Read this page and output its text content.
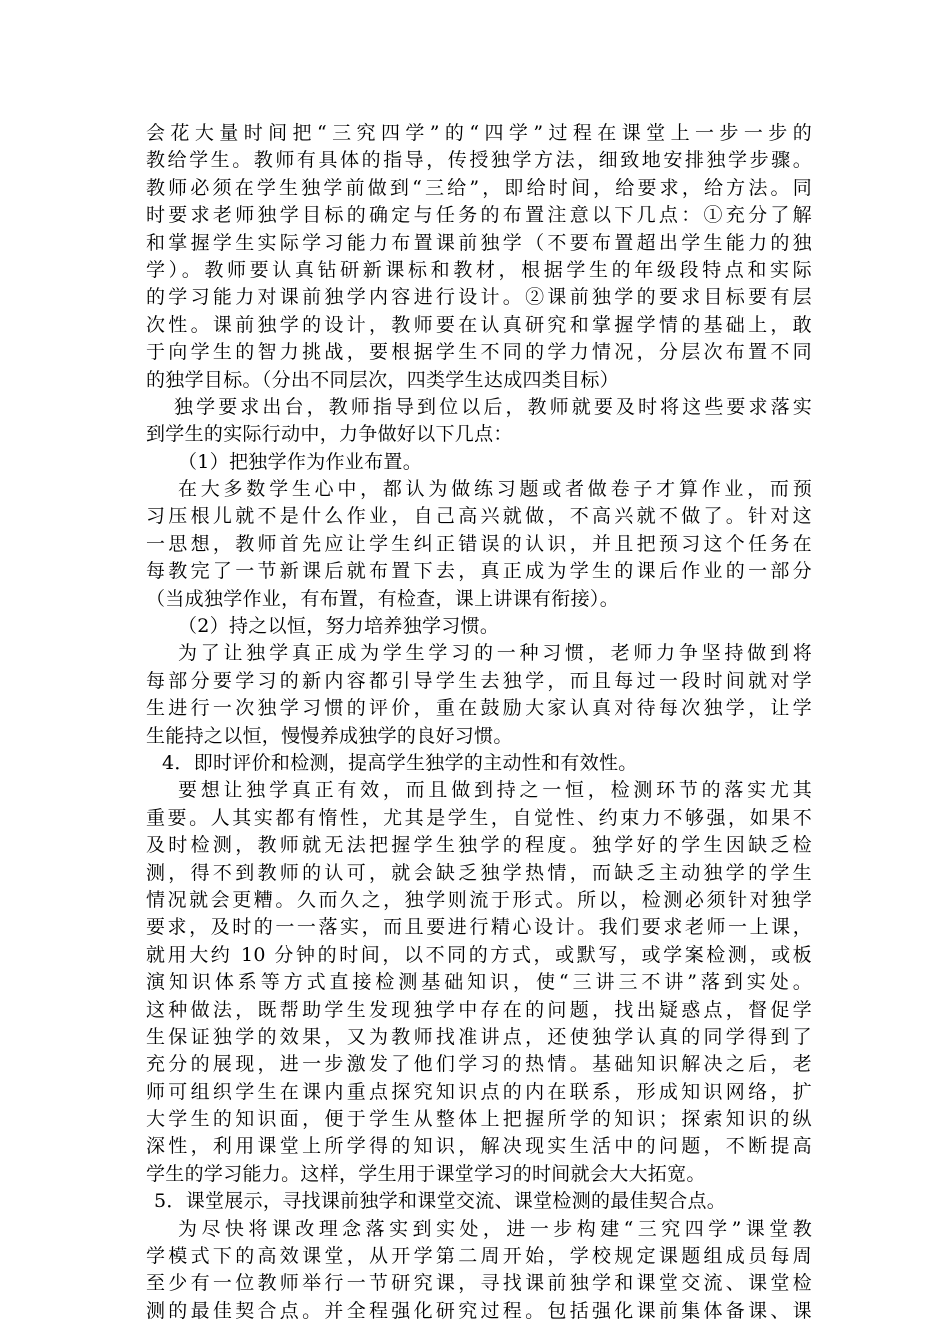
会花大量时间把“三究四学”的“四学”过程在课堂上一步一步的
教给学生。教师有具体的指导，传授独学方法，细致地安排独学步骤。
教师必须在学生独学前做到“三给”，即给时间，给要求，给方法。同
时要求老师独学目标的确定与任务的布置注意以下几点：①充分了解
和掌握学生实际学习能力布置课前独学（不要布置超出学生能力的独
学）。教师要认真钻研新课标和教材，根据学生的年级段特点和实际
的学习能力对课前独学内容进行设计。②课前独学的要求目标要有层
次性。课前独学的设计，教师要在认真研究和掌握学情的基础上，敢
于向学生的智力挑战，要根据学生不同的学力情况，分层次布置不同
的独学目标。（分出不同层次，四类学生达成四类目标）
独学要求出台，教师指导到位以后，教师就要及时将这些要求落实
到学生的实际行动中，力争做好以下几点：
（1）把独学作为作业布置。
在大多数学生心中，都认为做练习题或者做卷子才算作业，而预
习压根儿就不是什么作业，自己高兴就做，不高兴就不做了。针对这
一思想，教师首先应让学生纠正错误的认识，并且把预习这个任务在
每教完了一节新课后就布置下去，真正成为学生的课后作业的一部分
（当成独学作业，有布置，有检查，课上讲课有衔接）。
（2）持之以恒，努力培养独学习惯。
为了让独学真正成为学生学习的一种习惯，老师力争坚持做到将
每部分要学习的新内容都引导学生去独学，而且每过一段时间就对学
生进行一次独学习惯的评价，重在鼓励大家认真对待每次独学，让学
生能持之以恒，慢慢养成独学的良好习惯。
4．即时评价和检测，提高学生独学的主动性和有效性。
要想让独学真正有效，而且做到持之一恒，检测环节的落实尤其
重要。人其实都有惰性，尤其是学生，自觉性、约束力不够强，如果不
及时检测，教师就无法把握学生独学的程度。独学好的学生因缺乏检
测，得不到教师的认可，就会缺乏独学热情，而缺乏主动独学的学生
情况就会更糟。久而久之，独学则流于形式。所以，检测必须针对独学
要求，及时的一一落实，而且要进行精心设计。我们要求老师一上课，
就用大约 10 分钟的时间，以不同的方式，或默写，或学案检测，或板
演知识体系等方式直接检测基础知识，使“三讲三不讲”落到实处。
这种做法，既帮助学生发现独学中存在的问题，找出疑惑点，督促学
生保证独学的效果，又为教师找准讲点，还使独学认真的同学得到了
充分的展现，进一步激发了他们学习的热情。基础知识解决之后，老
师可组织学生在课内重点探究知识点的内在联系，形成知识网络，扩
大学生的知识面，便于学生从整体上把握所学的知识；探索知识的纵
深性，利用课堂上所学得的知识，解决现实生活中的问题，不断提高
学生的学习能力。这样，学生用于课堂学习的时间就会大大拓宽。
5．课堂展示，寻找课前独学和课堂交流、课堂检测的最佳契合点。
为尽快将课改理念落实到实处，进一步构建“三究四学”课堂教
学模式下的高效课堂，从开学第二周开始，学校规定课题组成员每周
至少有一位教师举行一节研究课，寻找课前独学和课堂交流、课堂检
测的最佳契合点。并全程强化研究过程。包括强化课前集体备课、课
